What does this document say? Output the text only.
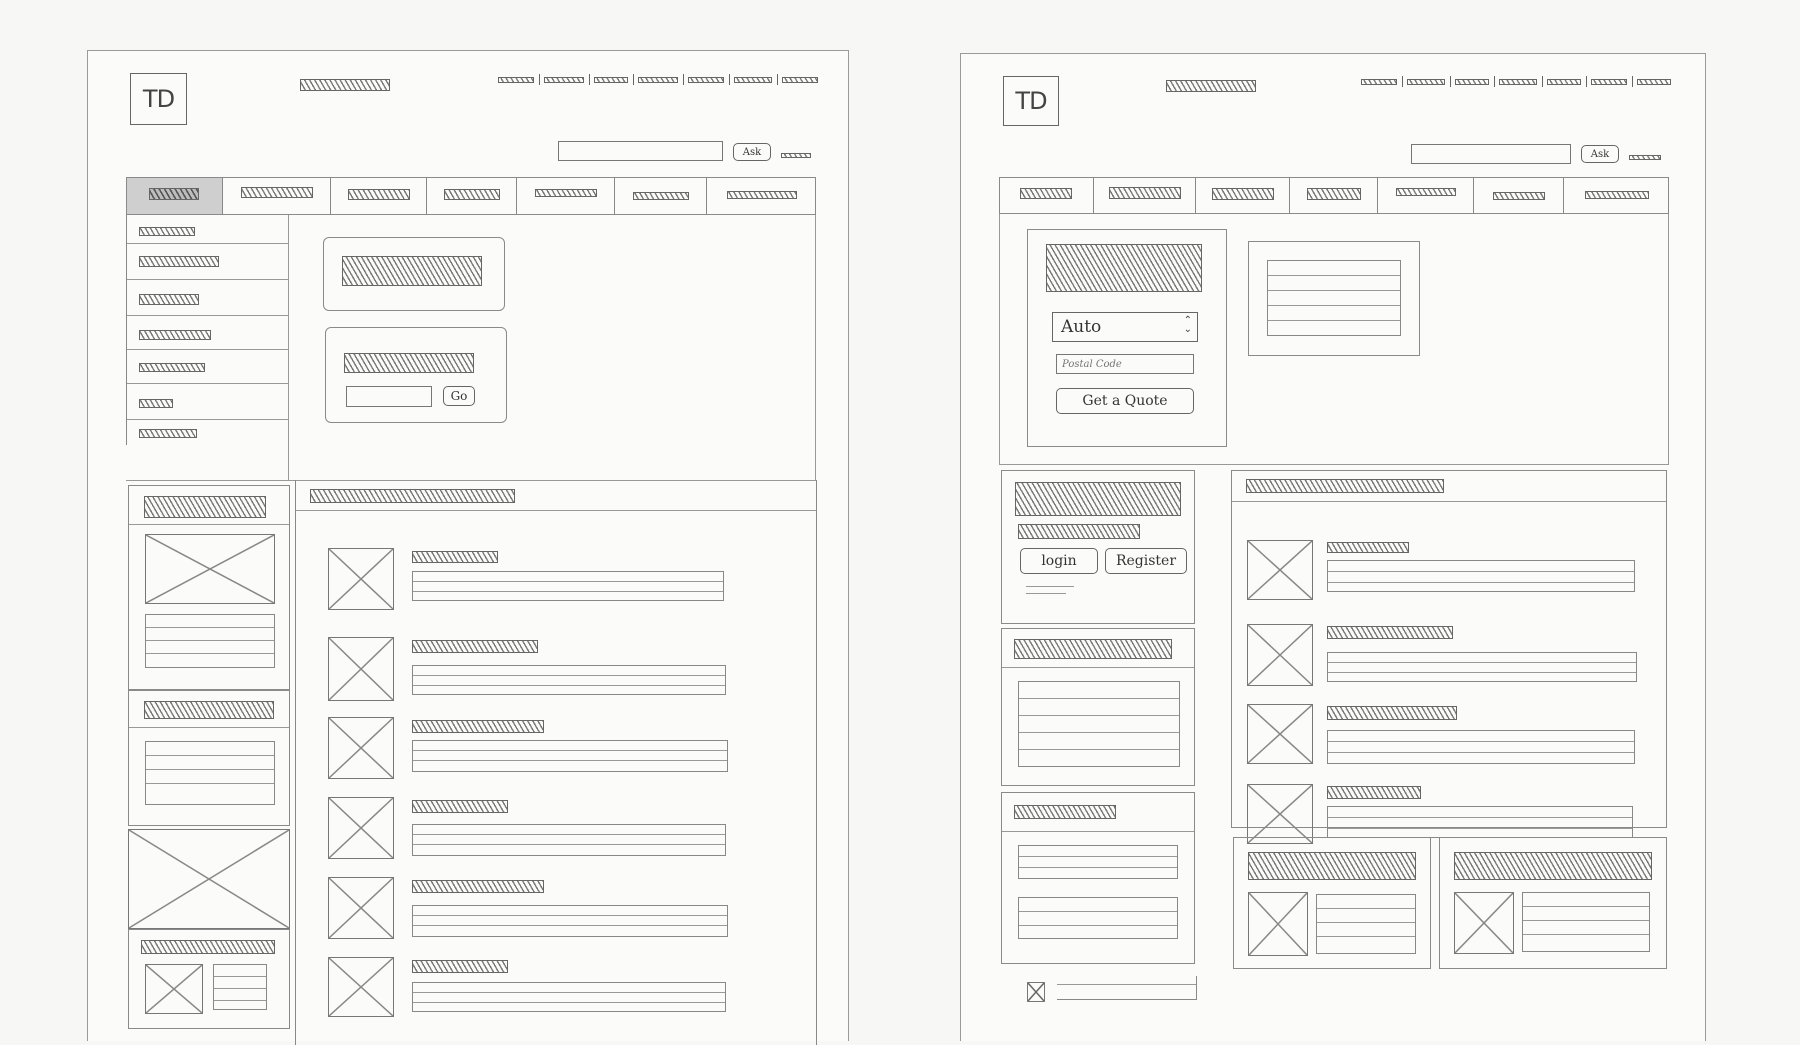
TD
Ask
Go
TD
Ask
Auto	⌃
⌄
Postal Code
Get a Quote
login	Register
